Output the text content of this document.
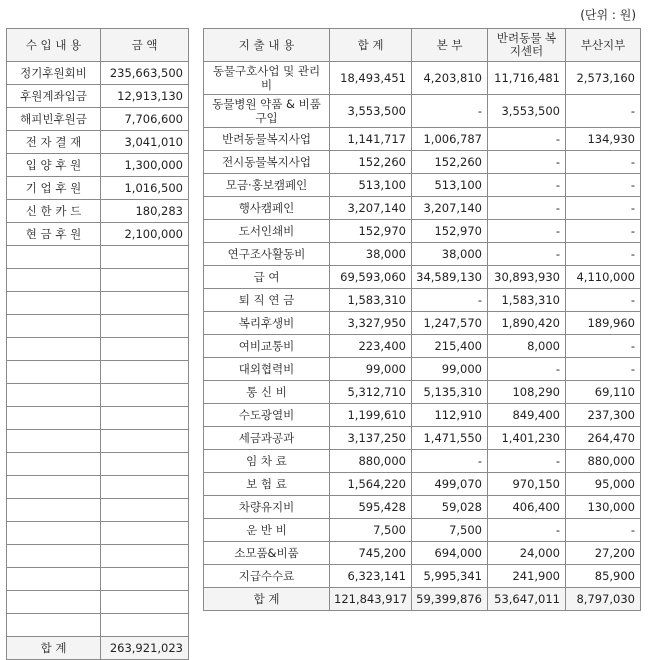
(단위 : 원)
수 입 내 용	금 액
정기후원회비	235,663,500
후원계좌입금	12,913,130
해피빈후원금	7,706,600
전 자 결 재	3,041,010
입 양 후 원	1,300,000
기 업 후 원	1,016,500
신 한 카 드	180,283
현 금 후 원	2,100,000

합 계	263,921,023
지 출 내 용	합 계	본 부	반려동물 복지센터	부산지부
동물구호사업 및 관리비	18,493,451	4,203,810	11,716,481	2,573,160
동물병원 약품 & 비품 구입	3,553,500	-	3,553,500	-
반려동물복지사업	1,141,717	1,006,787	-	134,930
전시동물복지사업	152,260	152,260	-	-
모금·홍보캠페인	513,100	513,100	-	-
행사캠페인	3,207,140	3,207,140	-	-
도서인쇄비	152,970	152,970	-	-
연구조사활동비	38,000	38,000	-	-
급 여	69,593,060	34,589,130	30,893,930	4,110,000
퇴 직 연 금	1,583,310	-	1,583,310	-
복리후생비	3,327,950	1,247,570	1,890,420	189,960
여비교통비	223,400	215,400	8,000	-
대외협력비	99,000	99,000	-	-
통 신 비	5,312,710	5,135,310	108,290	69,110
수도광열비	1,199,610	112,910	849,400	237,300
세금과공과	3,137,250	1,471,550	1,401,230	264,470
임 차 료	880,000	-	-	880,000
보 험 료	1,564,220	499,070	970,150	95,000
차량유지비	595,428	59,028	406,400	130,000
운 반 비	7,500	7,500	-	-
소모품&비품	745,200	694,000	24,000	27,200
지급수수료	6,323,141	5,995,341	241,900	85,900
합 계	121,843,917	59,399,876	53,647,011	8,797,030
